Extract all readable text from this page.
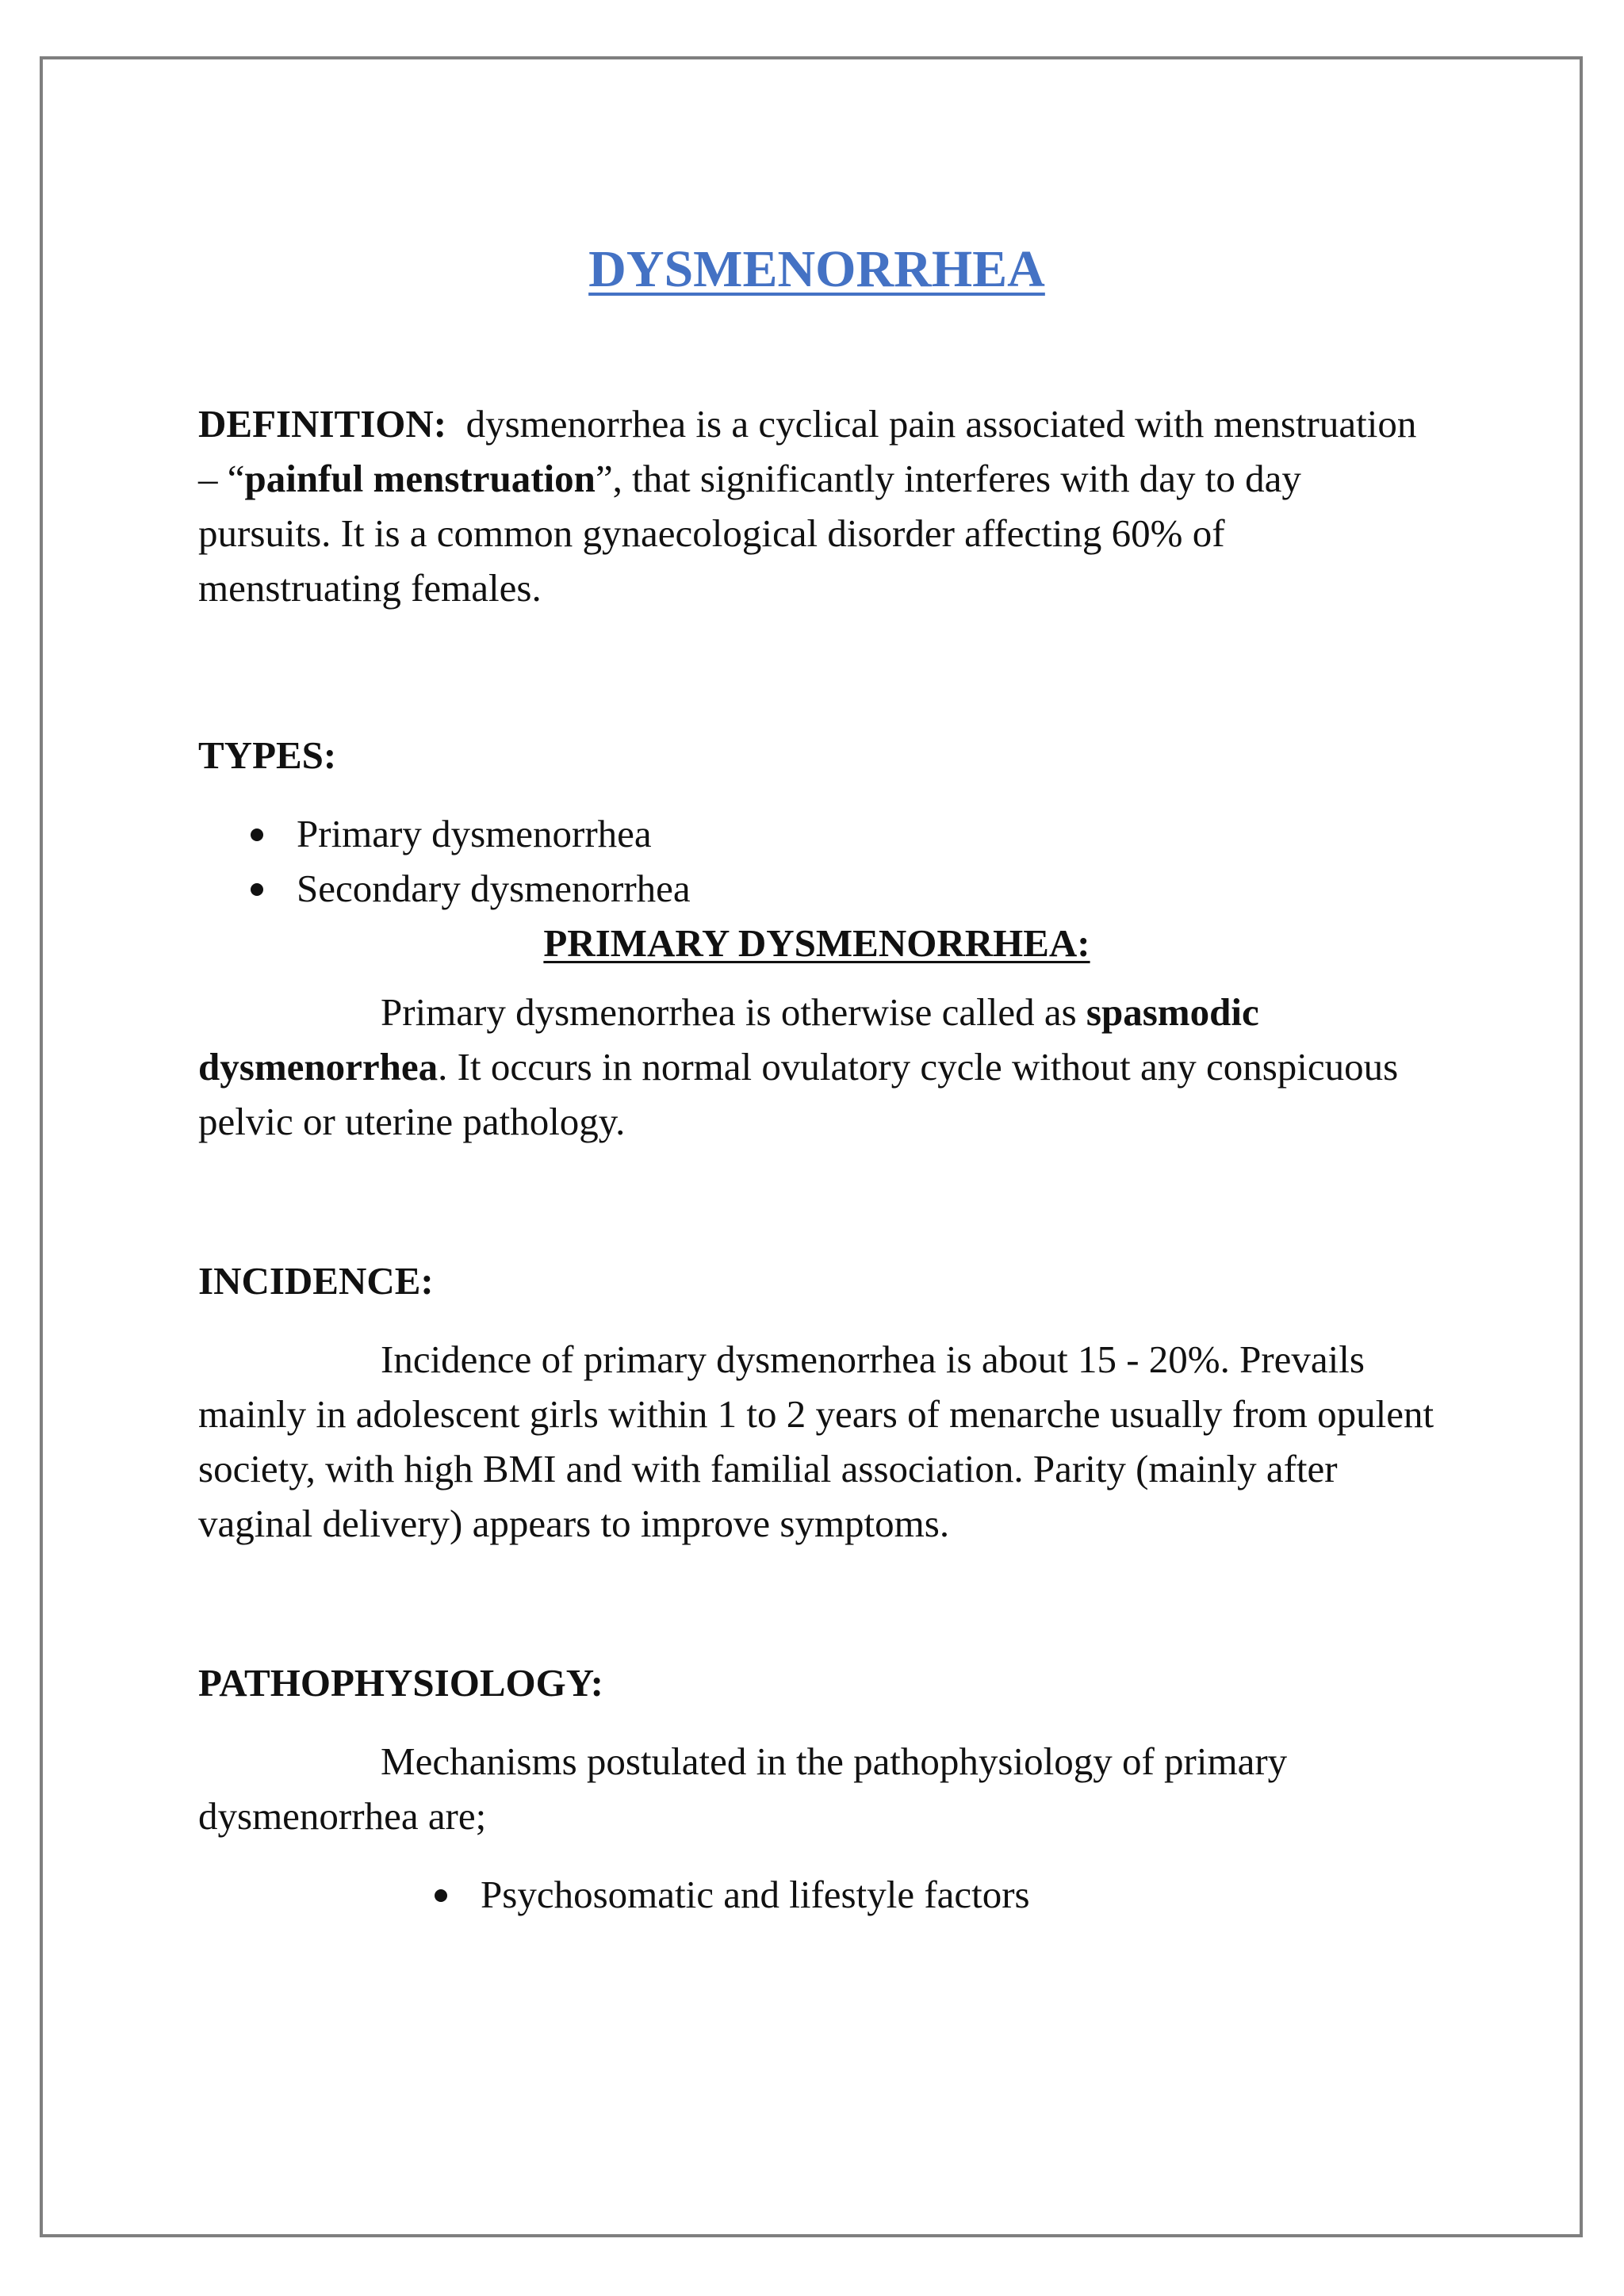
DYSMENORRHEA

DEFINITION: dysmenorrhea is a cyclical pain associated with menstruation – “painful menstruation”, that significantly interferes with day to day pursuits. It is a common gynaecological disorder affecting 60% of menstruating females.

TYPES:

Primary dysmenorrhea
Secondary dysmenorrhea

PRIMARY DYSMENORRHEA:

Primary dysmenorrhea is otherwise called as spasmodic dysmenorrhea. It occurs in normal ovulatory cycle without any conspicuous pelvic or uterine pathology.

INCIDENCE:

Incidence of primary dysmenorrhea is about 15 - 20%. Prevails mainly in adolescent girls within 1 to 2 years of menarche usually from opulent society, with high BMI and with familial association. Parity (mainly after vaginal delivery) appears to improve symptoms.

PATHOPHYSIOLOGY:

Mechanisms postulated in the pathophysiology of primary dysmenorrhea are;

Psychosomatic and lifestyle factors
